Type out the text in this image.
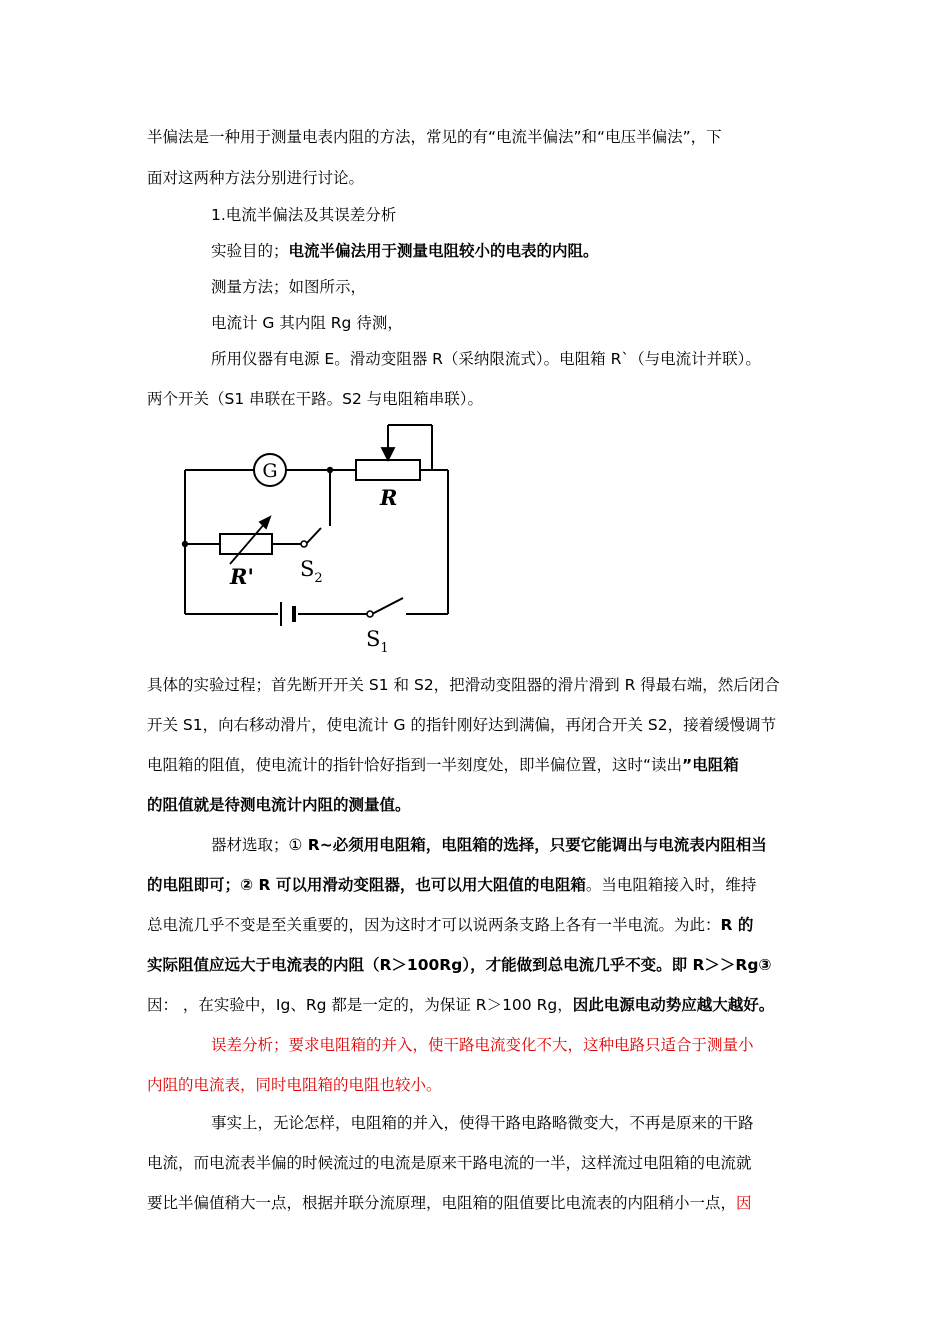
半偏法是一种用于测量电表内阻的方法，常见的有“电流半偏法”和“电压半偏法”，下
面对这两种方法分别进行讨论。
1.电流半偏法及其误差分析
实验目的；电流半偏法用于测量电阻较小的电表的内阻。
测量方法；如图所示，
电流计 G 其内阻 Rg 待测，
所用仪器有电源 E。滑动变阻器 R（采纳限流式）。电阻箱 R`（与电流计并联）。
两个开关（S1 串联在干路。S2 与电阻箱串联）。
G
R
R' $S_2$
$S_1$
具体的实验过程；首先断开开关 S1 和 S2，把滑动变阻器的滑片滑到 R 得最右端，然后闭合
开关 S1，向右移动滑片，使电流计 G 的指针刚好达到满偏，再闭合开关 S2，接着缓慢调节
电阻箱的阻值，使电流计的指针恰好指到一半刻度处，即半偏位置，这时“读出”电阻箱
的阻值就是待测电流计内阻的测量值。
器材选取；① R~必须用电阻箱，电阻箱的选择，只要它能调出与电流表内阻相当
的电阻即可；② R 可以用滑动变阻器，也可以用大阻值的电阻箱。当电阻箱接入时，维持
总电流几乎不变是至关重要的，因为这时才可以说两条支路上各有一半电流。为此：R 的
实际阻值应远大于电流表的内阻（R＞100Rg），才能做到总电流几乎不变。即 R＞＞Rg③
因： ，在实验中，Ig、Rg 都是一定的，为保证 R＞100 Rg，因此电源电动势应越大越好。
误差分析；要求电阻箱的并入，使干路电流变化不大，这种电路只适合于测量小
内阻的电流表，同时电阻箱的电阻也较小。
事实上，无论怎样，电阻箱的并入，使得干路电路略微变大，不再是原来的干路
电流，而电流表半偏的时候流过的电流是原来干路电流的一半，这样流过电阻箱的电流就
要比半偏值稍大一点，根据并联分流原理，电阻箱的阻值要比电流表的内阻稍小一点，因
